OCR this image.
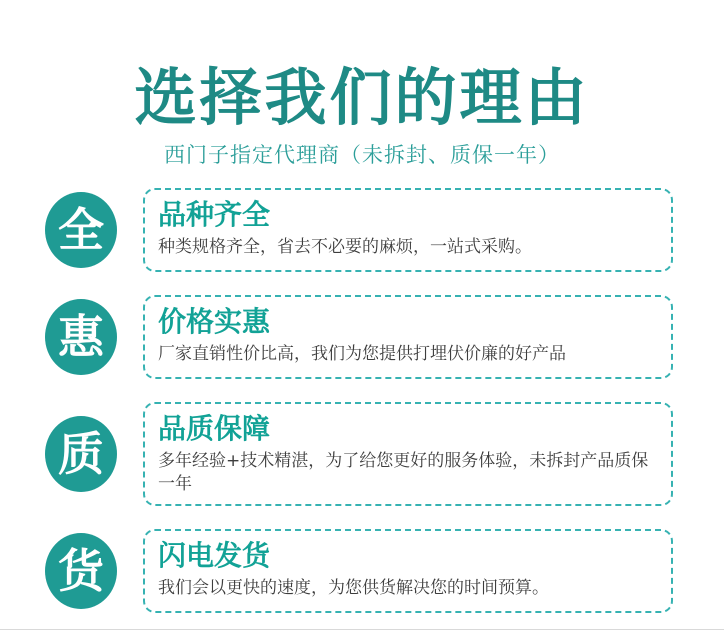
选择我们的理由
西门子指定代理商（未拆封、质保一年）
全	品种齐全
种类规格齐全，省去不必要的麻烦，一站式采购。
惠	价格实惠
厂家直销性价比高，我们为您提供打埋伏价廉的好产品
质	品质保障
多年经验+技术精湛，为了给您更好的服务体验，未拆封产品质保一年
货	闪电发货
我们会以更快的速度，为您供货解决您的时间预算。
